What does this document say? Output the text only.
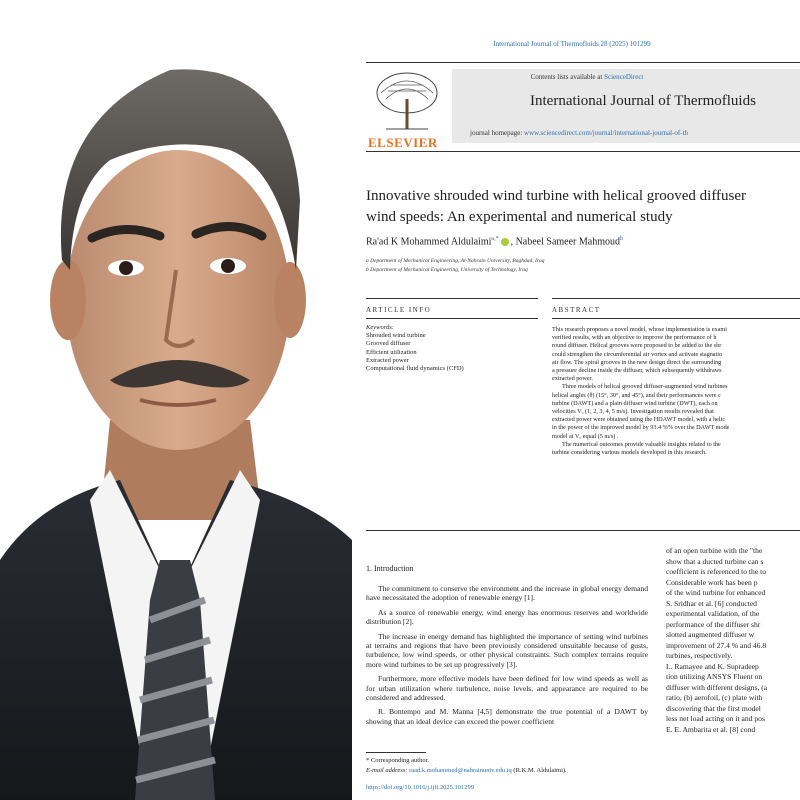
International Journal of Thermofluids 28 (2025) 101299
ELSEVIER
Contents lists available at ScienceDirect
International Journal of Thermofluids
journal homepage: www.sciencedirect.com/journal/international-journal-of-th
Innovative shrouded wind turbine with helical grooved diffuser
wind speeds: An experimental and numerical study
Ra'ad K Mohammed Aldulaimi$^{a,*}$ , Nabeel Sameer Mahmoud$^b$
a Department of Mechanical Engineering, Al-Nahrain University, Baghdad, Iraq
b Department of Mechanical Engineering, University of Technology, Iraq
ARTICLE INFO	ABSTRACT
Keywords:
Shrouded wind turbine
Grooved diffuser
Efficient utilization
Extracted power
Computational fluid dynamics (CFD)

This research proposes a novel model, whose implementation is exami

verified results, with an objective to improve the performance of h

round diffuser. Helical grooves were proposed to be added to the shr

could strengthen the circumferential air vortex and activate stagnatio

air flow. The spiral grooves in the new design direct the surrounding

a pressure decline inside the diffuser, which subsequently withdraws

extracted power.

Three models of helical grooved diffuser-augmented wind turbines

helical angles (θ) (15°, 30°, and 45°), and their performances were c

turbine (DAWT) and a plain diffuser wind turbine (DWT), each on

velocities Vₒ (1, 2, 3, 4, 5 m/s). Investigation results revealed that

extracted power were obtained using the HDAWT model, with a helic

in the power of the improved model by 93.4 %% over the DAWT mode

model at Vₒ equal (5 m/s) .

The numerical outcomes provide valuable insights related to the

turbine considering various models developed in this research.

1. Introduction

The commitment to conserve the environment and the increase in global energy demand have necessitated the adoption of renewable energy [1].

As a source of renewable energy, wind energy has enormous reserves and worldwide distribution [2].

The increase in energy demand has highlighted the importance of setting wind turbines at terrains and regions that have been previously considered unsuitable because of gusts, turbulence, low wind speeds, or other physical constraints. Such complex terrains require more wind turbines to be set up progressively [3].

Furthermore, more effective models have been defined for low wind speeds as well as for urban utilization where turbulence, noise levels, and appearance are required to be considered and addressed.

R. Bontempo and M. Manna [4,5] demonstrate the true potential of a DAWT by showing that an ideal device can exceed the power coefficient

of an open turbine with the "the

show that a ducted turbine can s

coefficient is referenced to the to

Considerable work has been p

of the wind turbine for enhanced

S. Sridhar et al. [6] conducted

experimental validation, of the

performance of the diffuser shr

slotted augmented diffuser w

improvement of 27.4 % and 46.8

turbines, respectively.

L. Ramayee and K. Supradeep

tion utilizing ANSYS Fluent on

diffuser with different designs, (a

ratio, (b) aerofoil, (c) plate with

discovering that the first model

less net load acting on it and pos

E. E. Ambarita et al. [8] cond

* Corresponding author.
E-mail address: raad.k.mohammed@nahrainuniv.edu.iq (R.K.M. Aldulaimi).
https://doi.org/10.1016/j.ijft.2025.101299
